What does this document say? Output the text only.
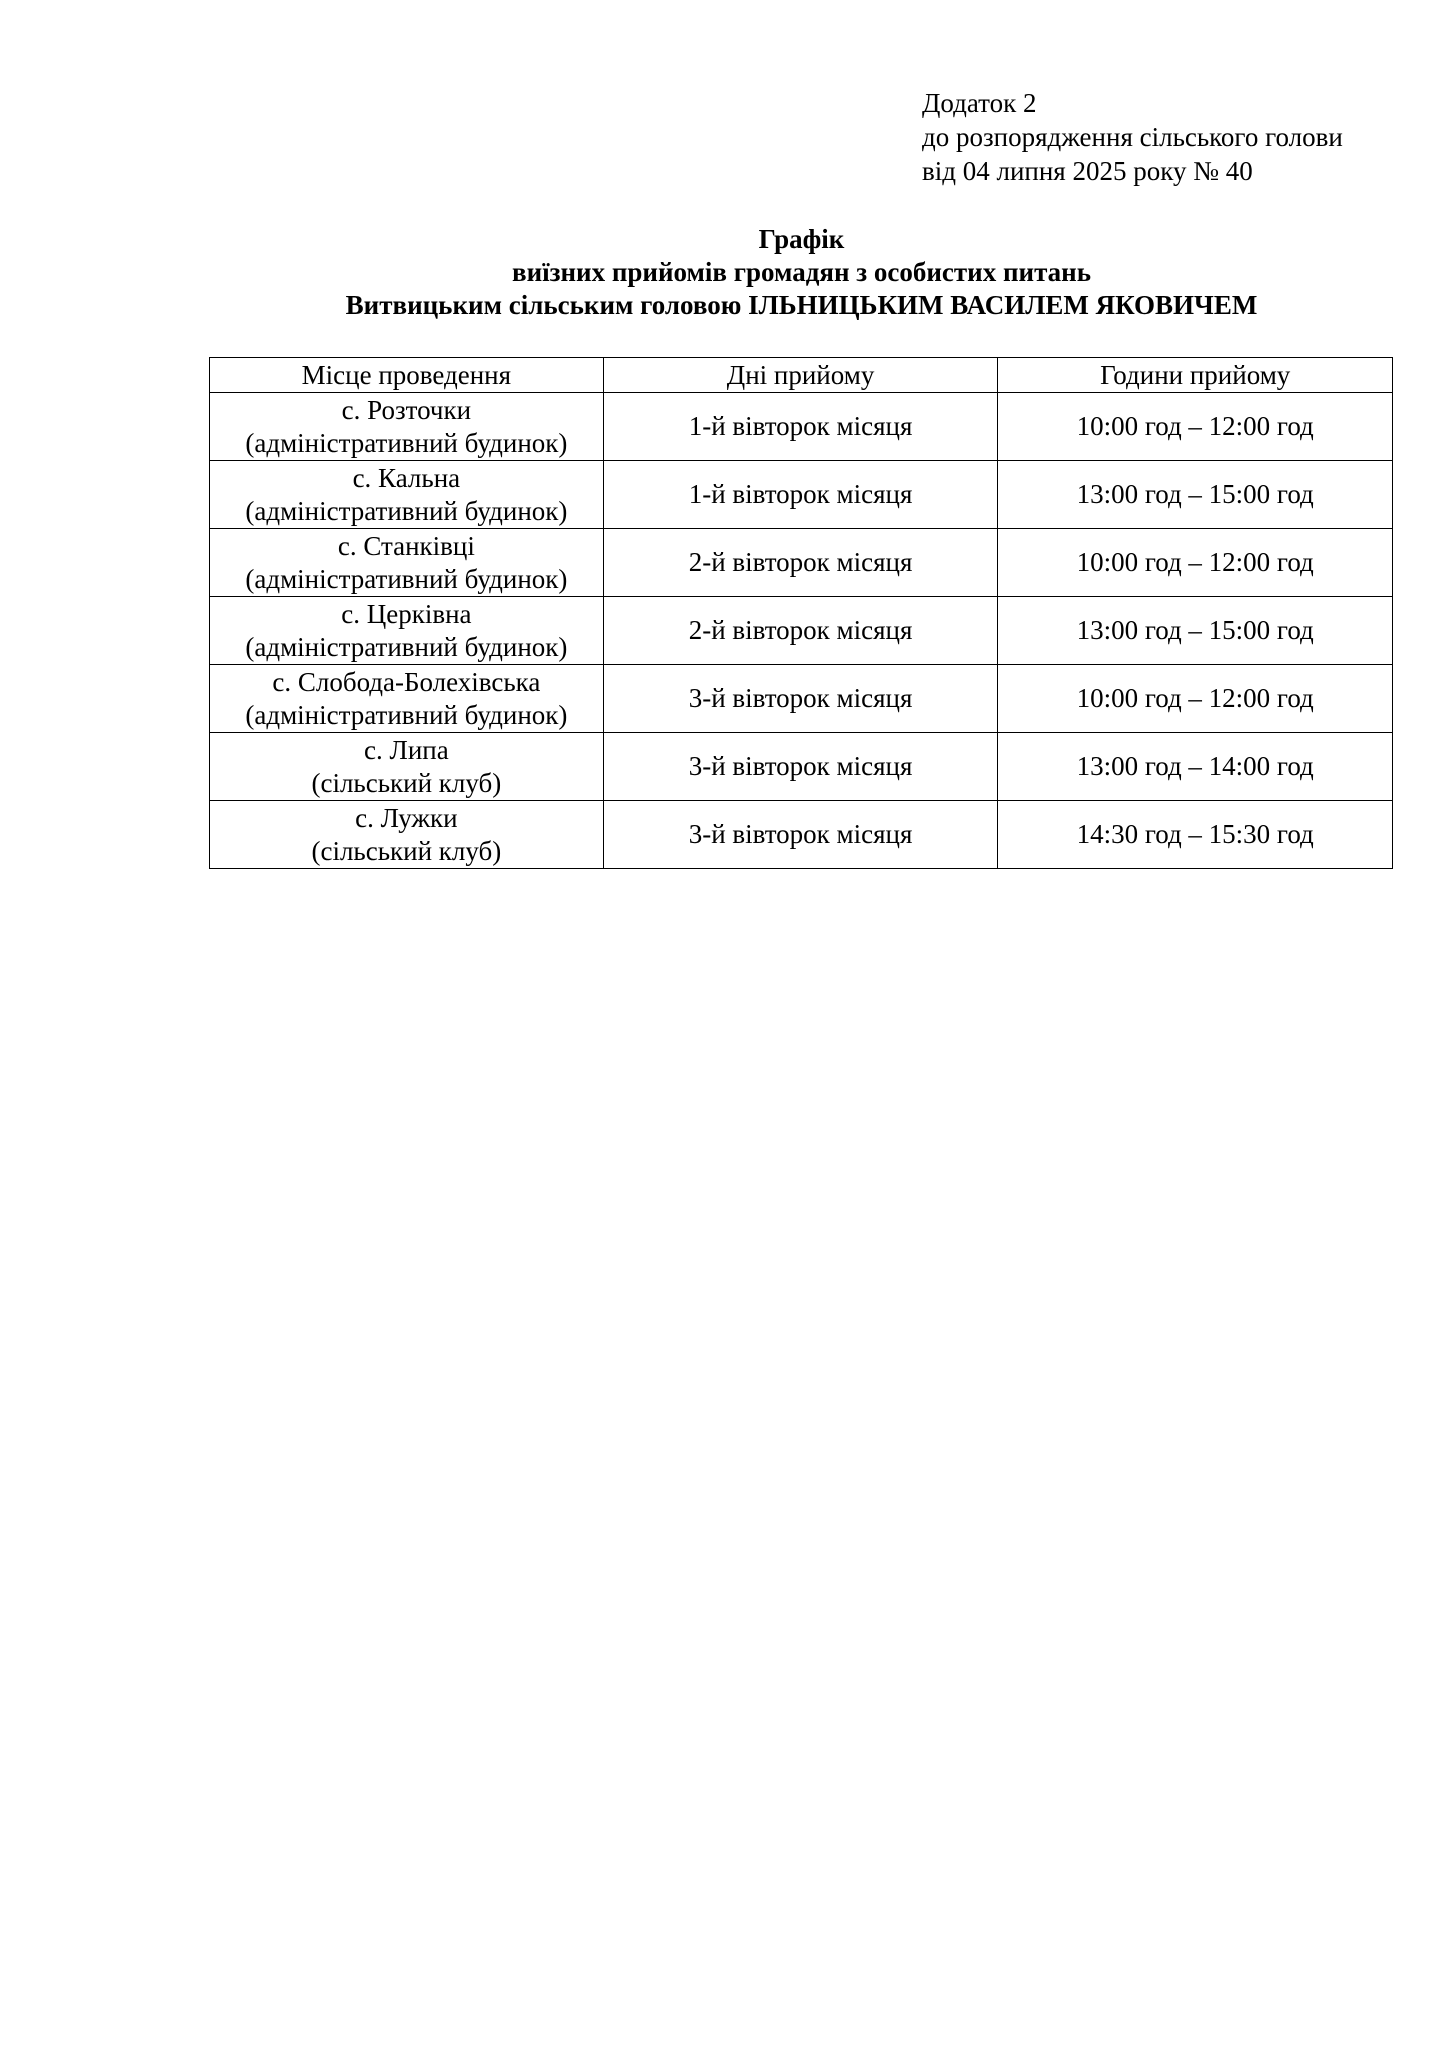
Додаток 2
до розпорядження сільського голови
від 04 липня 2025 року № 40
Графік
виїзних прийомів громадян з особистих питань
Витвицьким сільським головою ІЛЬНИЦЬКИМ ВАСИЛЕМ ЯКОВИЧЕМ
Місце проведення	Дні прийому	Години прийому

с. Розточки
(адміністративний будинок)	1-й вівторок місяця	10:00 год – 12:00 год

с. Кальна
(адміністративний будинок)	1-й вівторок місяця	13:00 год – 15:00 год

с. Станківці
(адміністративний будинок)	2-й вівторок місяця	10:00 год – 12:00 год

с. Церківна
(адміністративний будинок)	2-й вівторок місяця	13:00 год – 15:00 год

с. Слобода-Болехівська
(адміністративний будинок)	3-й вівторок місяця	10:00 год – 12:00 год

с. Липа
(сільський клуб)	3-й вівторок місяця	13:00 год – 14:00 год

с. Лужки
(сільський клуб)	3-й вівторок місяця	14:30 год – 15:30 год
